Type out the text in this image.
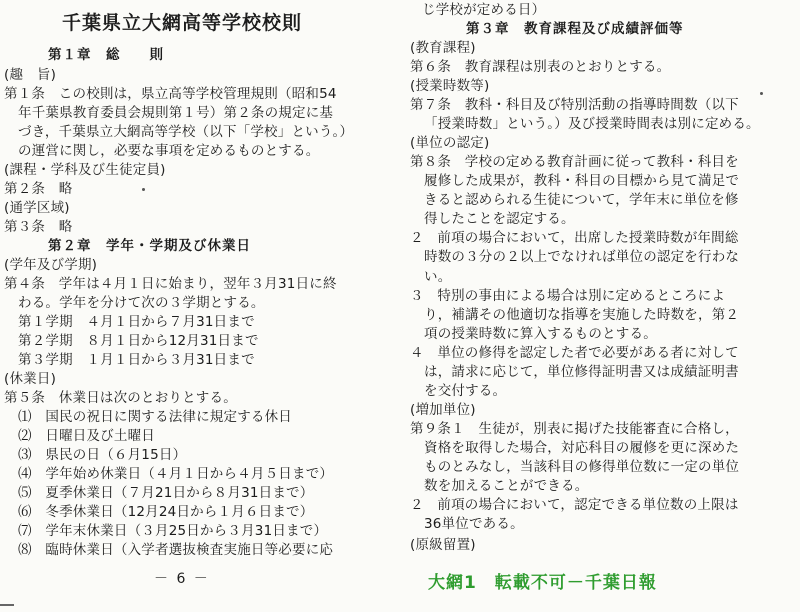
千葉県立大網高等学校校則
第１章　総　　則
(趣　旨)
第１条　この校則は，県立高等学校管理規則（昭和54
年千葉県教育委員会規則第１号）第２条の規定に基
づき，千葉県立大網高等学校（以下「学校」という。）
の運営に関し，必要な事項を定めるものとする。
(課程・学科及び生徒定員)
第２条　略
(通学区域)
第３条　略
第２章　学年・学期及び休業日
(学年及び学期)
第４条　学年は４月１日に始まり，翌年３月31日に終
わる。学年を分けて次の３学期とする。
第１学期　４月１日から７月31日まで
第２学期　８月１日から12月31日まで
第３学期　１月１日から３月31日まで
(休業日)
第５条　休業日は次のとおりとする。
⑴　国民の祝日に関する法律に規定する休日
⑵　日曜日及び土曜日
⑶　県民の日（６月15日）
⑷　学年始め休業日（４月１日から４月５日まで）
⑸　夏季休業日（７月21日から８月31日まで）
⑹　冬季休業日（12月24日から１月６日まで）
⑺　学年末休業日（３月25日から３月31日まで）
⑻　臨時休業日（入学者選抜検査実施日等必要に応
－ 6 －
じ学校が定める日）
第３章　教育課程及び成績評価等
(教育課程)
第６条　教育課程は別表のとおりとする。
(授業時数等)
第７条　教科・科目及び特別活動の指導時間数（以下
「授業時数」という。）及び授業時間表は別に定める。
(単位の認定)
第８条　学校の定める教育計画に従って教科・科目を
履修した成果が，教科・科目の目標から見て満足で
きると認められる生徒について，学年末に単位を修
得したことを認定する。
２　前項の場合において，出席した授業時数が年間総
時数の３分の２以上でなければ単位の認定を行わな
い。
３　特別の事由による場合は別に定めるところによ
り，補講その他適切な指導を実施した時数を，第２
項の授業時数に算入するものとする。
４　単位の修得を認定した者で必要がある者に対して
は，請求に応じて，単位修得証明書又は成績証明書
を交付する。
(増加単位)
第９条１　生徒が，別表に掲げた技能審査に合格し，
資格を取得した場合，対応科目の履修を更に深めた
ものとみなし，当該科目の修得単位数に一定の単位
数を加えることができる。
２　前項の場合において，認定できる単位数の上限は
36単位である。
(原級留置)
大網1　転載不可－千葉日報
